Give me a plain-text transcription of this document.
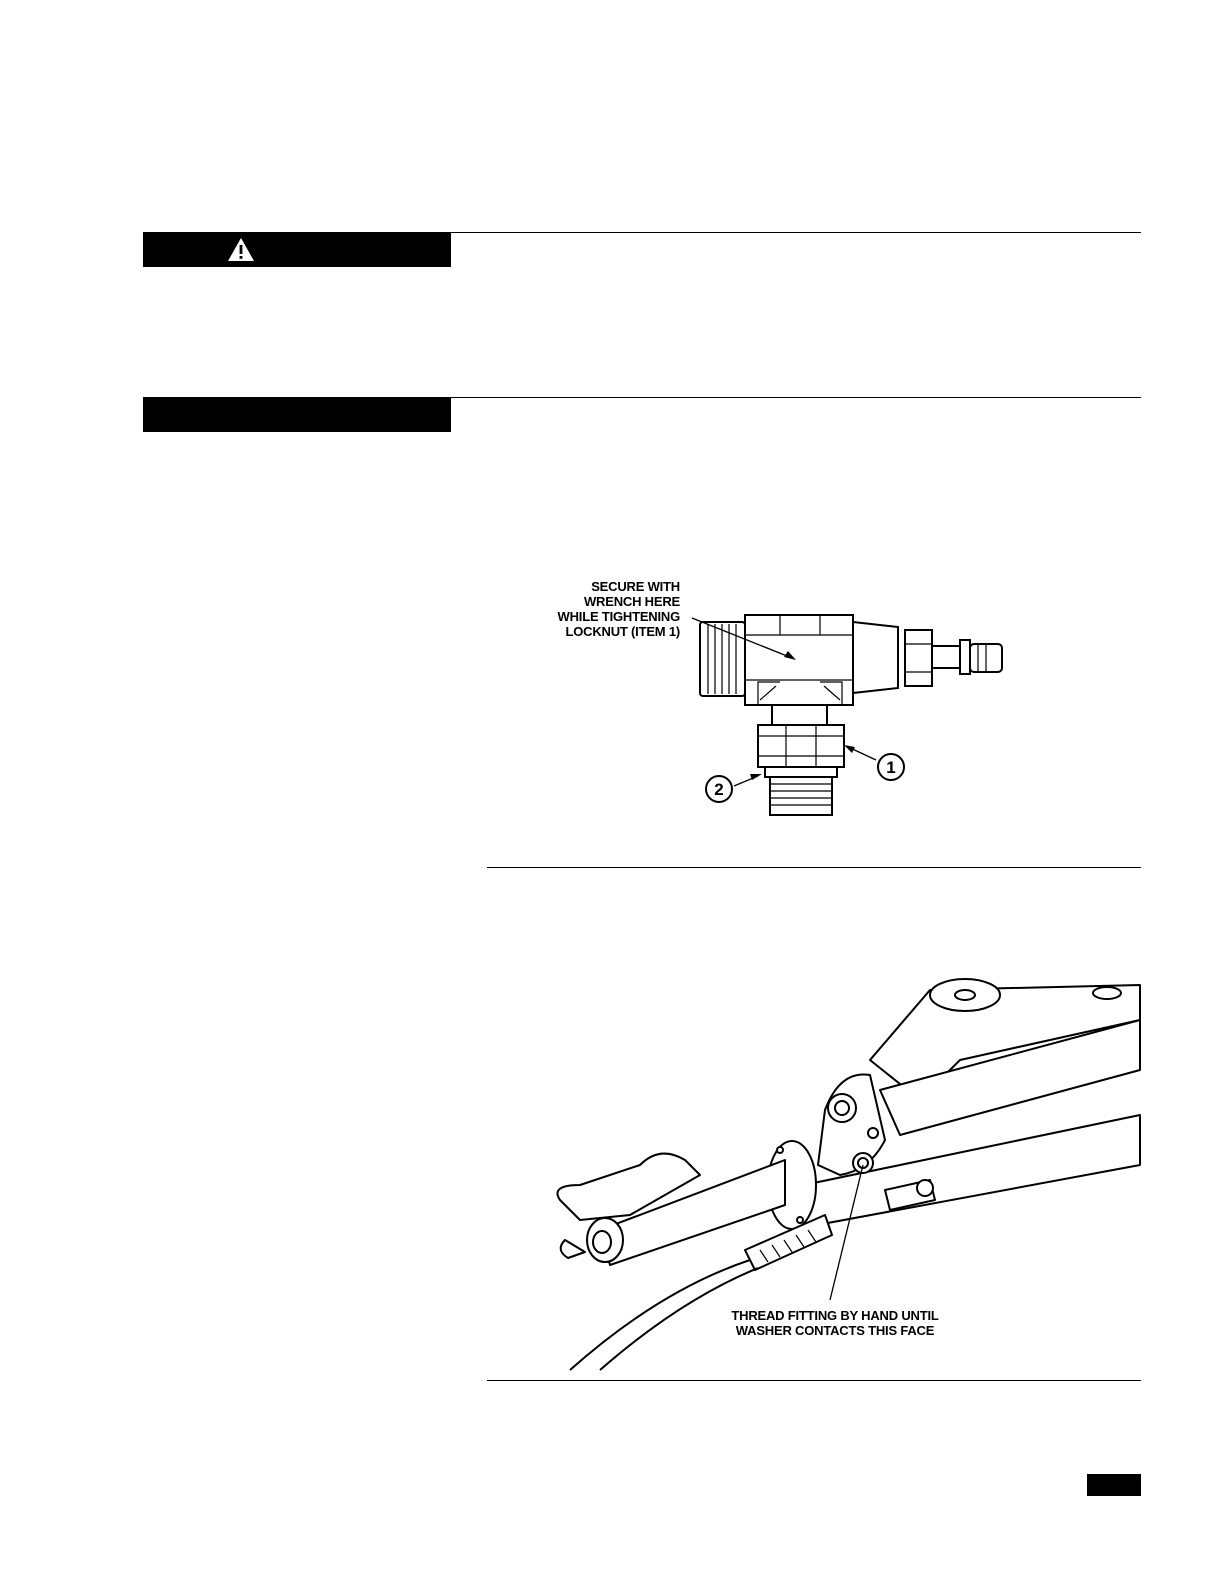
SECURE WITH
WRENCH HERE
WHILE TIGHTENING
LOCKNUT (ITEM 1)
1
2
THREAD FITTING BY HAND UNTIL
WASHER CONTACTS THIS FACE
